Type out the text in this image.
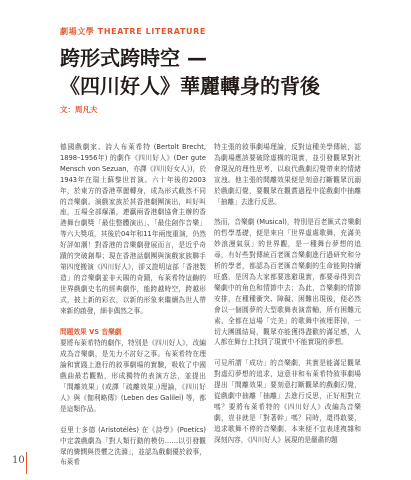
劇場文學 THEATRE LITERATURE
跨形式跨時空 —
《四川好人》華麗轉身的背後
文：周凡夫

德國戲劇家、詩人布萊希特 (Bertolt Brecht, 1898–1956年) 的劇作《四川好人》(Der gute Mensch von Sezuan，亦譯《四川好女人》)，於1943年在瑞士蘇黎世首演。六十年後的2003年，於東方的香港華麗轉身，成為形式截然不同的音樂劇。演戲家族於甚香港劇團演出，叫好叫座，五場全部爆滿，連贏兩香港劇協會主辦的香港舞台劇獎「最佳整體演出」、「最佳創作音樂」等六大獎項，其後於04年和11年兩度重演，仍然好評如潮！對香港的音樂劇發展而言，是近乎奇蹟的突破創舉；現在香港話劇團與演戲家族聯手第四度搬演《四川好人》，卻又證明這部「香港製造」的音樂劇並非天賜的奇蹟，布萊希特這齣的世界戲劇史名的經典劇作，能跨越時空，跨越形式，披上新的彩衣，以新的形象來繼續為世人帶來新的啟發，細非偶然之事。

問題效果 VS 音樂劇

要將布萊希特的劇作，特別是《四川好人》，改編成為音樂劇，是先力不討好之事。布萊希特在理論和實踐上進行的敘事劇場的實驗，吸收了中國戲曲最若觀點，形成獨特的表演方法，並提出「間離效果」(或譯「疏離效果」)理論，《四川好人》與《伽利略傳》(Leben des Galilei) 等，都是這類作品。

亞里士多德 (Aristotélès) 在《詩學》(Poetics) 中定義戲劇為「對人類行動的模仿……以引發觀眾的憐憫與畏懼之洗滌」，並認為戲劇優於敘事，布萊希

特主張的敘事劇場理論，反對這種美學傳統，認為劇場應該要破除虛構的現實，並引發觀眾對社會現況的理性思考，以取代戲劇幻覺帶來的情緒宣洩。他主張的間離效果便是刻意打斷觀眾沉溺於戲劇幻覺，要觀眾在觀賞過程中從戲劇中抽離「抽離」去進行反思。

然而，音樂劇 (Musical)，特別是百老匯式音樂劇的哲學基礎，便是來自「世界虛處歌舞，充滿美妙浪漫氣氛」的世界觀，是一種舞台夢想的追尋，有好些對傳統百老匯音樂劇進行過研究和分析的學者，都認為百老匯音樂劇的生命能夠持續旺盛，是因為大家都要逃避現實，都要尋得到音樂劇中的角色和情節中去；為此，音樂劇的情節安排，在種種衝突、障礙、困難出現後，便必然會以一個圓夢的大型歌舞表演當軸，所有困難元素，全都在這場「完美」的歌舞中被埋葬掉，一切大團圓結局，觀眾亦能獲得盡歡的滿足感，人人都在舞台上找到了現實中不能實現的夢想。

可見所謂「成功」的音樂劇，其實是能滿足觀眾對虛幻夢想的追求，這意非和布萊希特敘事劇場提出「間離效果」要刻意打斷觀眾的戲劇幻覺，從戲劇中抽離「抽離」去進行反思，正好相對立嗎？要將布萊希特的《四川好人》改編為音樂劇，豈非就是「對著幹」嗎？同時，還得敢要，追求歌舞不停的音樂劇，本來便不宜表達複雜和深刻內容，《四川好人》展現的是嚴肅的題

10
